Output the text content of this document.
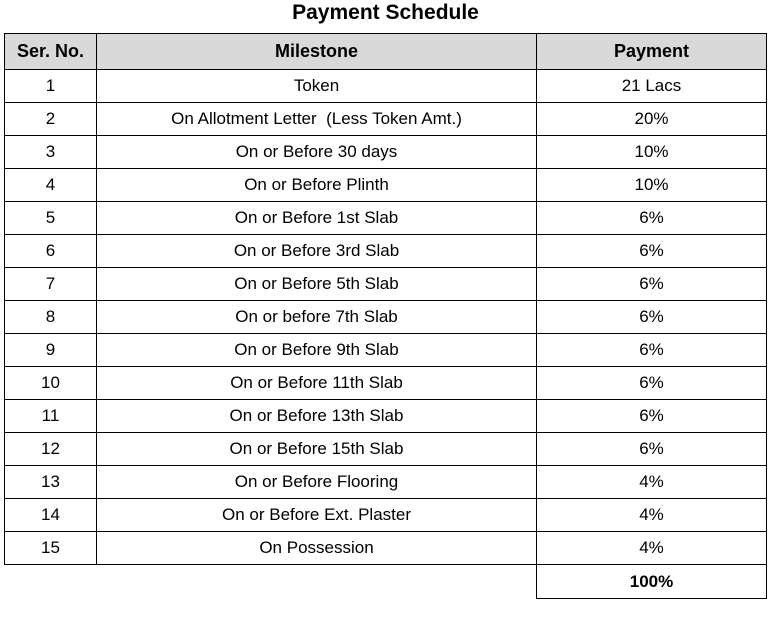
Payment Schedule
Ser. No.	Milestone	Payment
1	Token	21 Lacs
2	On Allotment Letter  (Less Token Amt.)	20%
3	On or Before 30 days	10%
4	On or Before Plinth	10%
5	On or Before 1st Slab	6%
6	On or Before 3rd Slab	6%
7	On or Before 5th Slab	6%
8	On or before 7th Slab	6%
9	On or Before 9th Slab	6%
10	On or Before 11th Slab	6%
11	On or Before 13th Slab	6%
12	On or Before 15th Slab	6%
13	On or Before Flooring	4%
14	On or Before Ext. Plaster	4%
15	On Possession	4%
		100%
